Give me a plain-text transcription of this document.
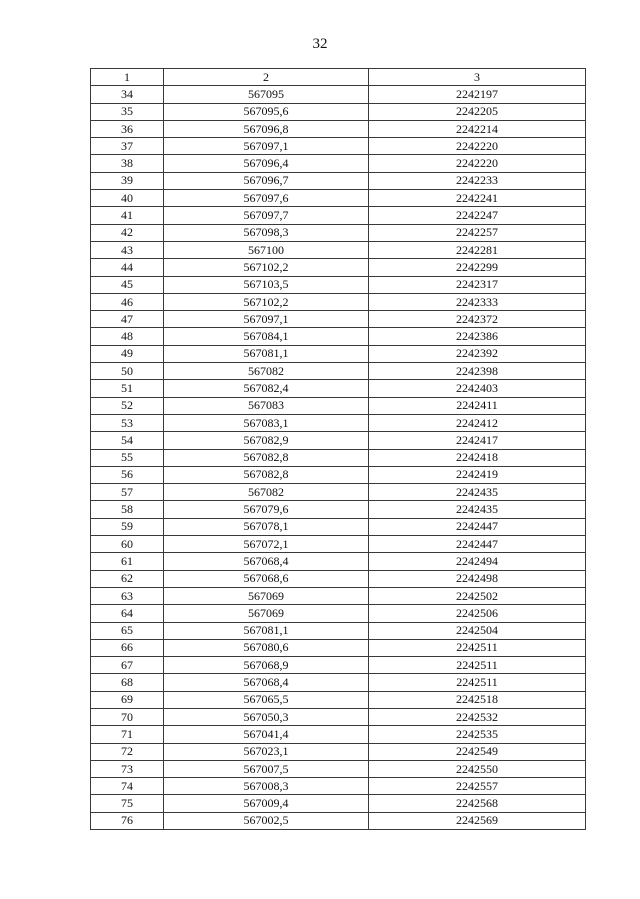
32
1	2	3
34	567095	2242197
35	567095,6	2242205
36	567096,8	2242214
37	567097,1	2242220
38	567096,4	2242220
39	567096,7	2242233
40	567097,6	2242241
41	567097,7	2242247
42	567098,3	2242257
43	567100	2242281
44	567102,2	2242299
45	567103,5	2242317
46	567102,2	2242333
47	567097,1	2242372
48	567084,1	2242386
49	567081,1	2242392
50	567082	2242398
51	567082,4	2242403
52	567083	2242411
53	567083,1	2242412
54	567082,9	2242417
55	567082,8	2242418
56	567082,8	2242419
57	567082	2242435
58	567079,6	2242435
59	567078,1	2242447
60	567072,1	2242447
61	567068,4	2242494
62	567068,6	2242498
63	567069	2242502
64	567069	2242506
65	567081,1	2242504
66	567080,6	2242511
67	567068,9	2242511
68	567068,4	2242511
69	567065,5	2242518
70	567050,3	2242532
71	567041,4	2242535
72	567023,1	2242549
73	567007,5	2242550
74	567008,3	2242557
75	567009,4	2242568
76	567002,5	2242569
